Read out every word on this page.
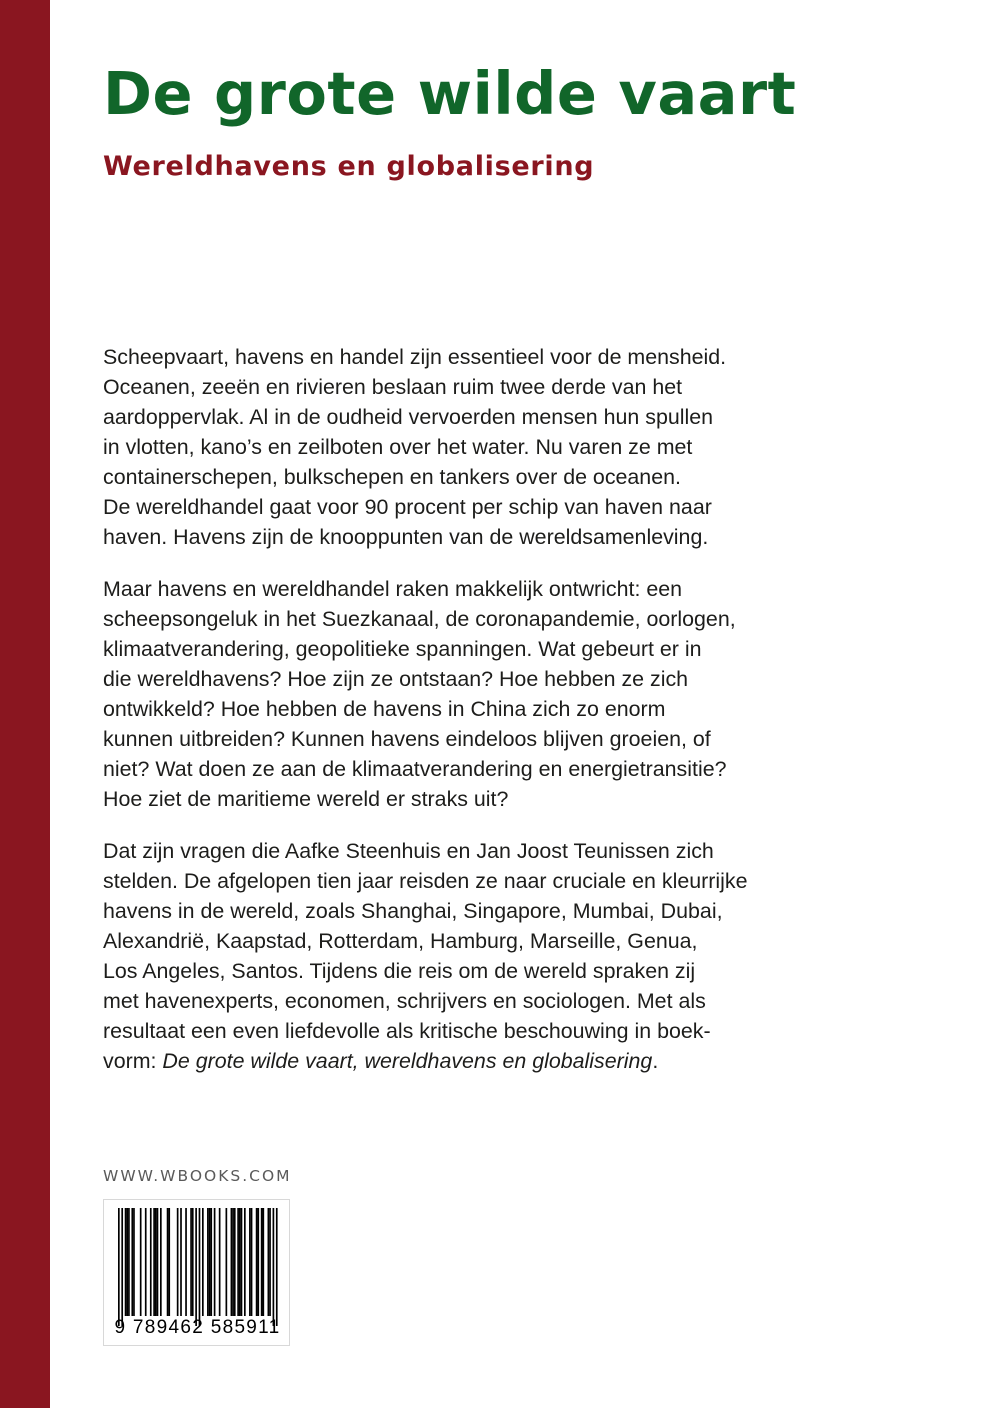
De grote wilde vaart
Wereldhavens en globalisering

Scheepvaart, havens en handel zijn essentieel voor de mensheid.
Oceanen, zeeën en rivieren beslaan ruim twee derde van het
aardoppervlak. Al in de oudheid vervoerden mensen hun spullen
in vlotten, kano’s en zeilboten over het water. Nu varen ze met
containerschepen, bulkschepen en tankers over de oceanen.
De wereldhandel gaat voor 90 procent per schip van haven naar
haven. Havens zijn de knooppunten van de wereldsamenleving.

Maar havens en wereldhandel raken makkelijk ontwricht: een
scheepsongeluk in het Suezkanaal, de coronapandemie, oorlogen,
klimaatverandering, geopolitieke spanningen. Wat gebeurt er in
die wereldhavens? Hoe zijn ze ontstaan? Hoe hebben ze zich
ontwikkeld? Hoe hebben de havens in China zich zo enorm
kunnen uitbreiden? Kunnen havens eindeloos blijven groeien, of
niet? Wat doen ze aan de klimaatverandering en energietransitie?
Hoe ziet de maritieme wereld er straks uit?

Dat zijn vragen die Aafke Steenhuis en Jan Joost Teunissen zich
stelden. De afgelopen tien jaar reisden ze naar cruciale en kleurrijke
havens in de wereld, zoals Shanghai, Singapore, Mumbai, Dubai,
Alexandrië, Kaapstad, Rotterdam, Hamburg, Marseille, Genua,
Los Angeles, Santos. Tijdens die reis om de wereld spraken zij
met havenexperts, economen, schrijvers en sociologen. Met als
resultaat een even liefdevolle als kritische beschouwing in boek-
vorm: De grote wilde vaart, wereldhavens en globalisering.

WWW.WBOOKS.COM
9 789462 585911
